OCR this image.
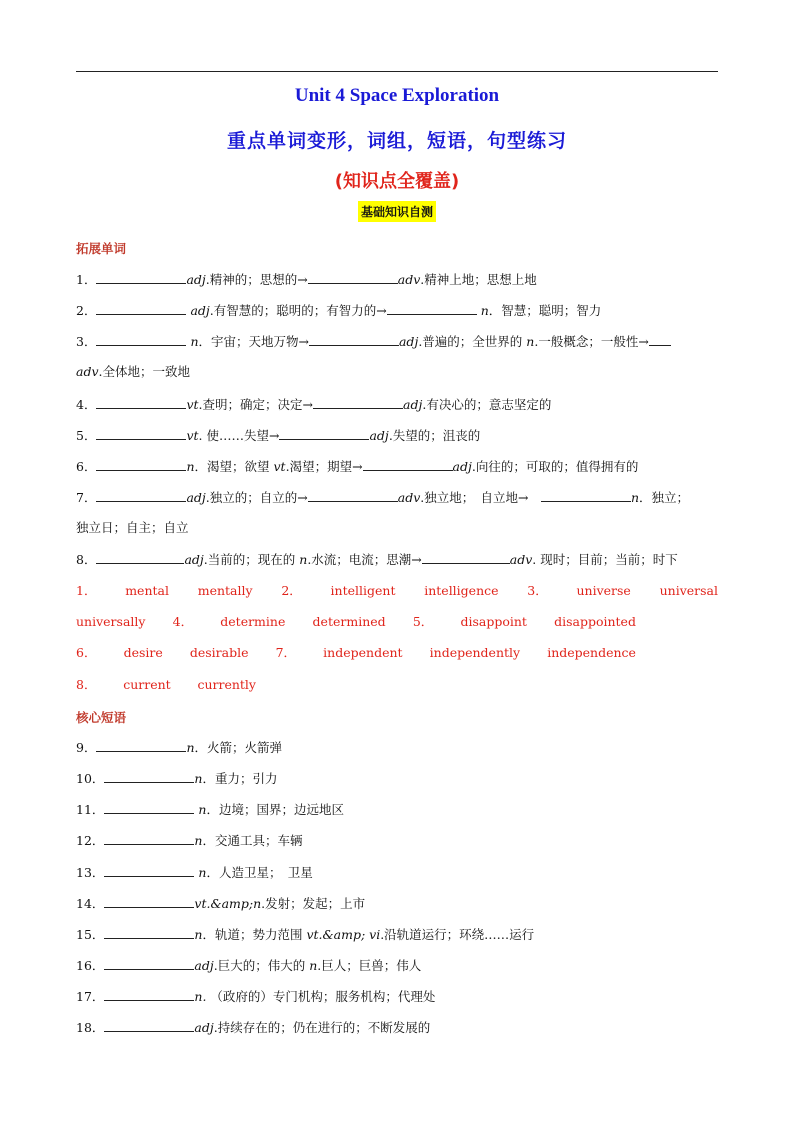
Unit 4 Space Exploration
重点单词变形，词组，短语，句型练习
(知识点全覆盖)
基础知识自测
拓展单词
1．	adj.精神的；思想的→	adv.精神上地；思想上地
2．	adj.有智慧的；聪明的；有智力的→	n．智慧；聪明；智力
3．	n．宇宙；天地万物→	adj.普遍的；全世界的 n.一般概念；一般性→
adv.全体地；一致地
4．	vt.查明；确定；决定→	adj.有决心的；意志坚定的
5．	vt. 使……失望→	adj.失望的；沮丧的
6．	n．渴望；欲望 vt.渴望；期望→	adj.向往的；可取的；值得拥有的
7．	adj.独立的；自立的→	adv.独立地；　自立地→　	n．独立；
独立日；自主；自立
8．	adj.当前的；现在的 n.水流；电流；思潮→	adv. 现时；目前；当前；时下
1． mental mentally 2． intelligent intelligence 3． universe universal
universally 4． determine determined 5． disappoint disappointed
6． desire desirable 7． independent independently independence
8． current currently
核心短语
9．	n．火箭；火箭弹
10．	n．重力；引力
11．	n．边境；国界；边远地区
12．	n．交通工具；车辆
13．	n．人造卫星；　卫星
14．	vt.&amp;n.发射；发起；上市
15．	n．轨道；势力范围 vt.&amp; vi.沿轨道运行；环绕……运行
16．	adj.巨大的；伟大的 n.巨人；巨兽；伟人
17．	n. （政府的）专门机构；服务机构；代理处
18．	adj.持续存在的；仍在进行的；不断发展的
